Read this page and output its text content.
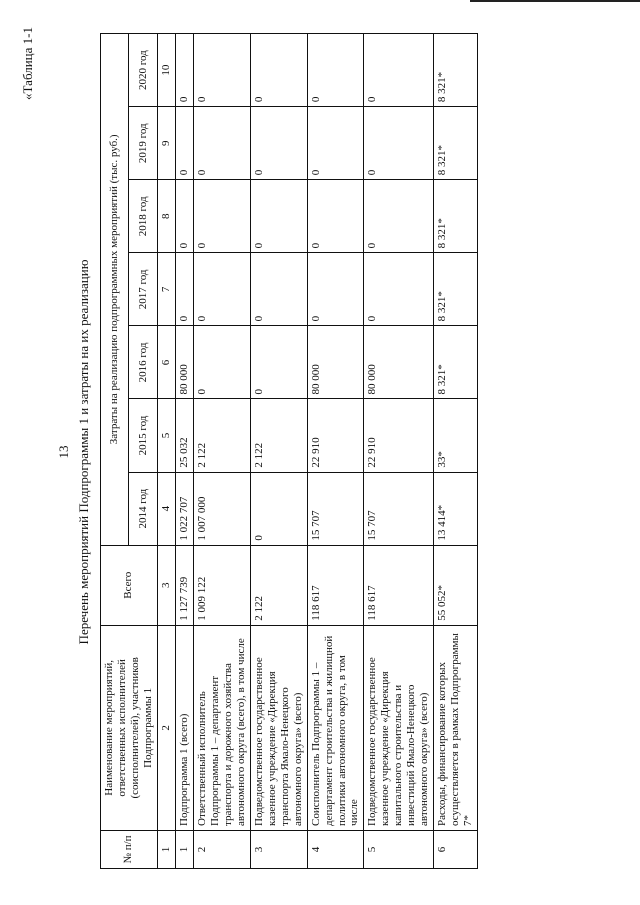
«Таблица 1-1
13 Перечень мероприятий Подпрограммы 1 и затраты на их реализацию
№ п/п	Наименование мероприятий, ответственных исполнителей (соисполнителей), участников Подпрограммы 1	Всего	Затраты на реализацию подпрограммных мероприятий (тыс. руб.)						
			2014 год	2015 год	2016 год	2017 год	2018 год	2019 год	2020 год
1	2	3	4	5	6	7	8	9	10
1	Подпрограмма 1 (всего)	1 127 739	1 022 707	25 032	80 000	0	0	0	0
2	Ответственный исполнитель Подпрограммы 1 – департамент транспорта и дорожного хозяйства автономного округа (всего), в том числе	1 009 122	1 007 000	2 122	0	0	0	0	0
3	Подведомственное государственное казенное учреждение «Дирекция транспорта Ямало-Ненецкого автономного округа» (всего)	2 122	0	2 122	0	0	0	0	0
4	Соисполнитель Подпрограммы 1 – департамент строительства и жилищной политики автономного округа, в том числе	118 617	15 707	22 910	80 000	0	0	0	0
5	Подведомственное государственное казенное учреждение «Дирекция капитального строительства и инвестиций Ямало-Ненецкого автономного округа» (всего)	118 617	15 707	22 910	80 000	0	0	0	0
6	Расходы, финансирование которых осуществляется в рамках Подпрограммы 7*	55 052*	13 414*	33*	8 321*	8 321*	8 321*	8 321*	8 321*
